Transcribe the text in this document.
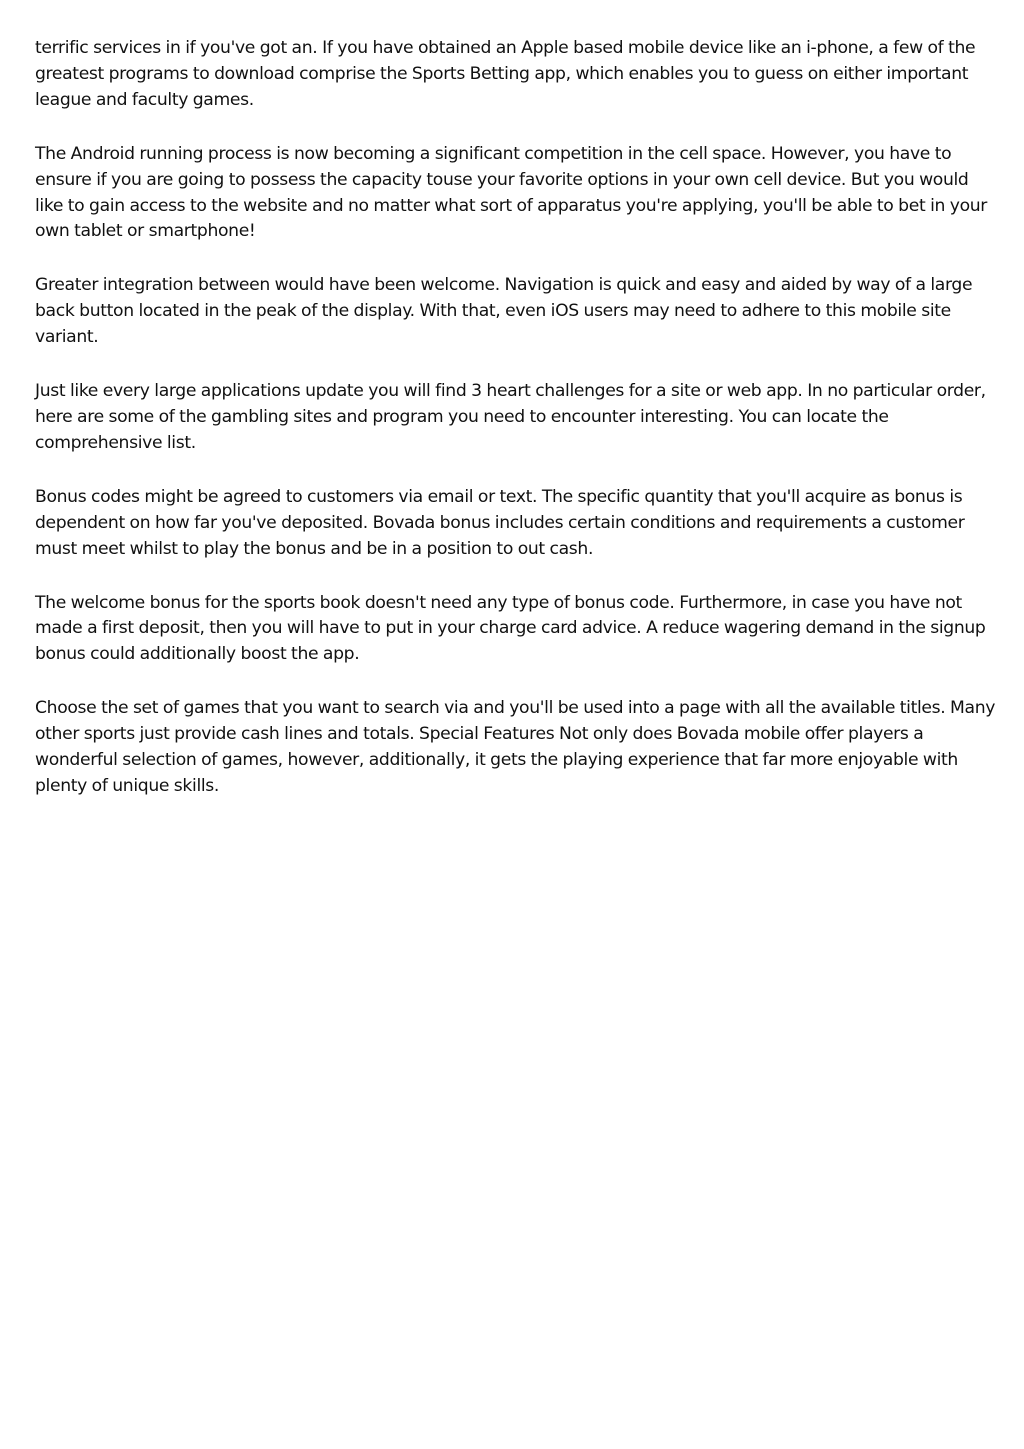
terrific services in if you've got an. If you have obtained an Apple based mobile device like an i-phone, a few of the greatest programs to download comprise the Sports Betting app, which enables you to guess on either important league and faculty games.

The Android running process is now becoming a significant competition in the cell space. However, you have to ensure if you are going to possess the capacity touse your favorite options in your own cell device. But you would like to gain access to the website and no matter what sort of apparatus you're applying, you'll be able to bet in your own tablet or smartphone!

Greater integration between would have been welcome. Navigation is quick and easy and aided by way of a large back button located in the peak of the display. With that, even iOS users may need to adhere to this mobile site variant.

Just like every large applications update you will find 3 heart challenges for a site or web app. In no particular order, here are some of the gambling sites and program you need to encounter interesting. You can locate the comprehensive list.

Bonus codes might be agreed to customers via email or text. The specific quantity that you'll acquire as bonus is dependent on how far you've deposited. Bovada bonus includes certain conditions and requirements a customer must meet whilst to play the bonus and be in a position to out cash.

The welcome bonus for the sports book doesn't need any type of bonus code. Furthermore, in case you have not made a first deposit, then you will have to put in your charge card advice. A reduce wagering demand in the signup bonus could additionally boost the app.

Choose the set of games that you want to search via and you'll be used into a page with all the available titles. Many other sports just provide cash lines and totals. Special Features Not only does Bovada mobile offer players a wonderful selection of games, however, additionally, it gets the playing experience that far more enjoyable with plenty of unique skills.
